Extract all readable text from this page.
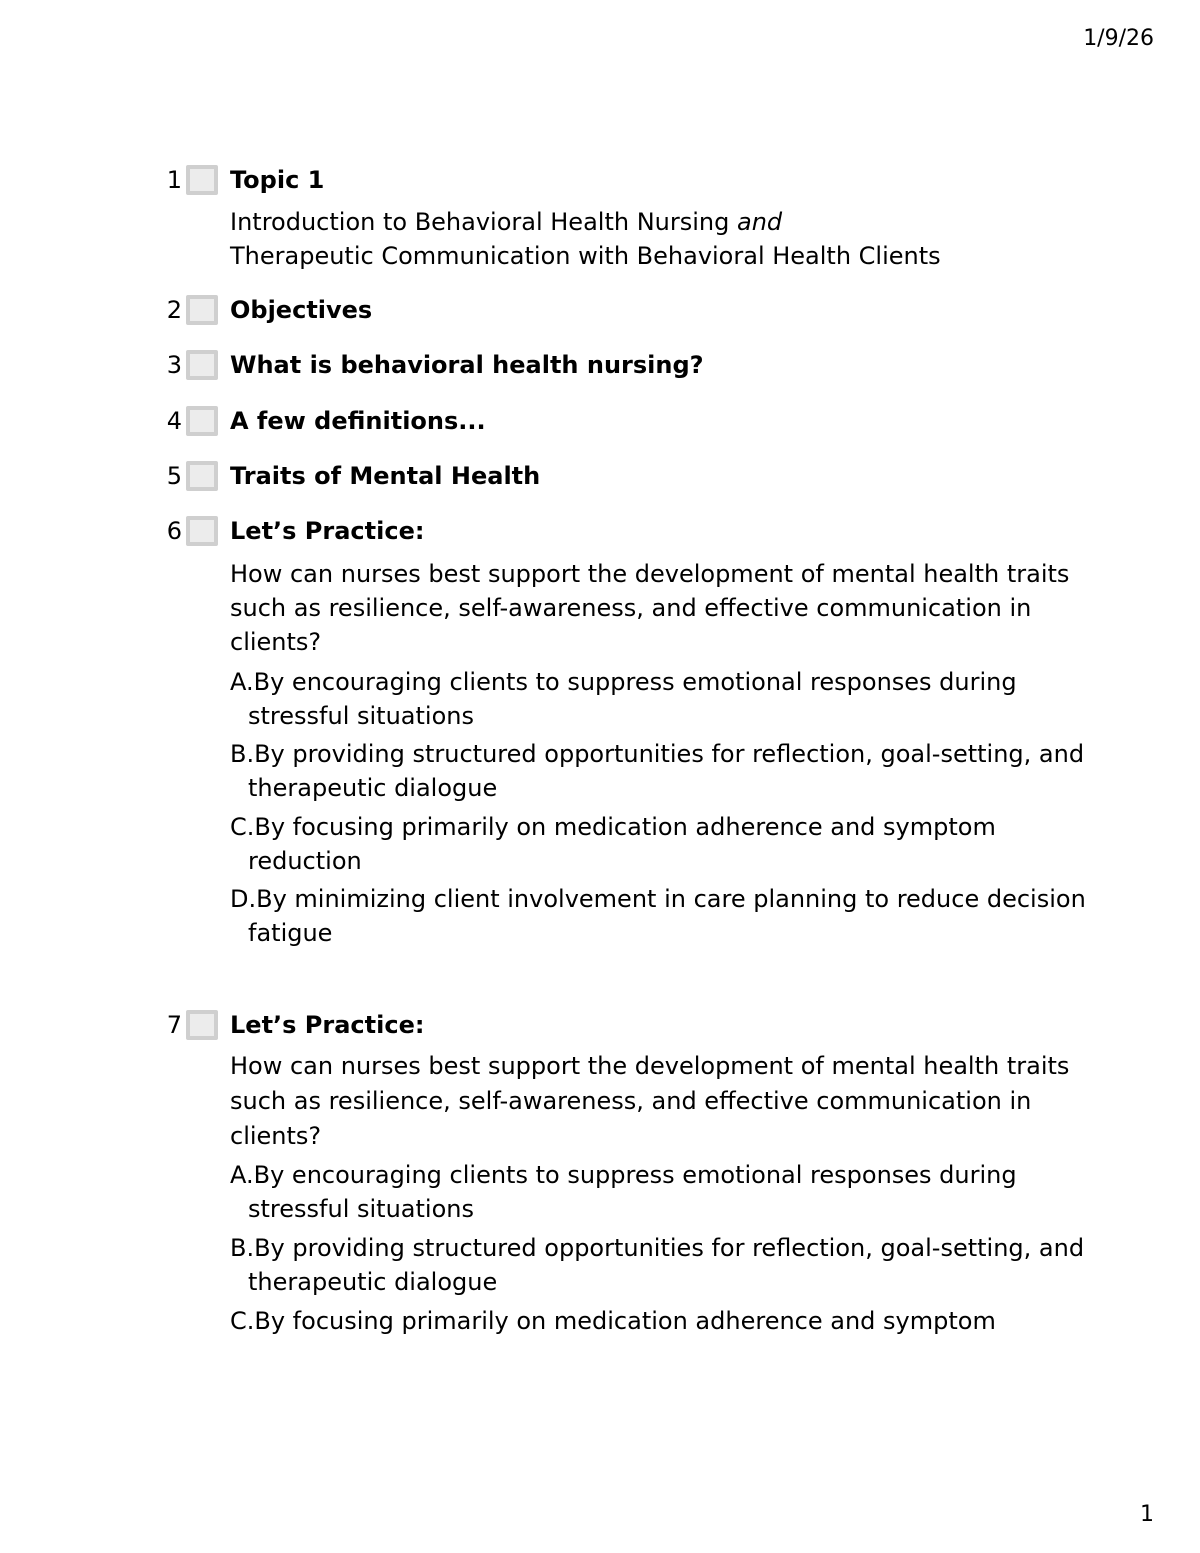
1/9/26
1 Topic 1
Introduction to Behavioral Health Nursing and
Therapeutic Communication with Behavioral Health Clients
2 Objectives
3 What is behavioral health nursing?
4 A few definitions...
5 Traits of Mental Health
6 Let’s Practice:
How can nurses best support the development of mental health traits
such as resilience, self-awareness, and effective communication in
clients?
A.By encouraging clients to suppress emotional responses during
stressful situations
B.By providing structured opportunities for reflection, goal-setting, and
therapeutic dialogue
C.By focusing primarily on medication adherence and symptom
reduction
D.By minimizing client involvement in care planning to reduce decision
fatigue
7 Let’s Practice:
How can nurses best support the development of mental health traits
such as resilience, self-awareness, and effective communication in
clients?
A.By encouraging clients to suppress emotional responses during
stressful situations
B.By providing structured opportunities for reflection, goal-setting, and
therapeutic dialogue
C.By focusing primarily on medication adherence and symptom
1
